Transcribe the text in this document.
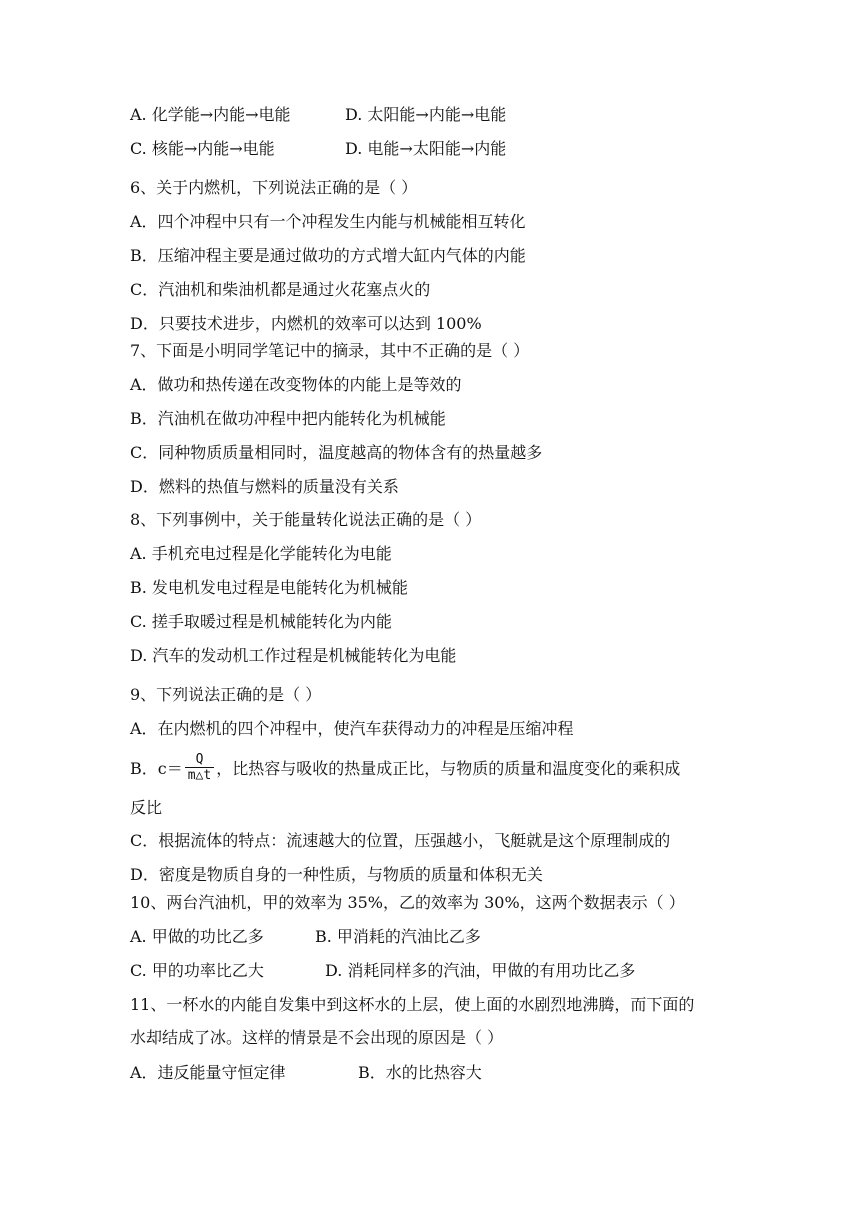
A. 化学能→内能→电能	D. 太阳能→内能→电能
C. 核能→内能→电能	D. 电能→太阳能→内能
6、关于内燃机，下列说法正确的是（ ）
A．四个冲程中只有一个冲程发生内能与机械能相互转化
B．压缩冲程主要是通过做功的方式增大缸内气体的内能
C．汽油机和柴油机都是通过火花塞点火的
D．只要技术进步，内燃机的效率可以达到 100%
7、下面是小明同学笔记中的摘录，其中不正确的是（ ）
A．做功和热传递在改变物体的内能上是等效的
B．汽油机在做功冲程中把内能转化为机械能
C．同种物质质量相同时，温度越高的物体含有的热量越多
D．燃料的热值与燃料的质量没有关系
8、下列事例中，关于能量转化说法正确的是（ ）
A. 手机充电过程是化学能转化为电能
B. 发电机发电过程是电能转化为机械能
C. 搓手取暖过程是机械能转化为内能
D. 汽车的发动机工作过程是机械能转化为电能
9、下列说法正确的是（ ）
A．在内燃机的四个冲程中，使汽车获得动力的冲程是压缩冲程
B．$c= \frac{Q}{m\triangle t}$ ，比热容与吸收的热量成正比，与物质的质量和温度变化的乘积成
反比
C．根据流体的特点：流速越大的位置，压强越小，飞艇就是这个原理制成的
D．密度是物质自身的一种性质，与物质的质量和体积无关
10、两台汽油机，甲的效率为 35%，乙的效率为 30%，这两个数据表示（ ）
A. 甲做的功比乙多	B. 甲消耗的汽油比乙多
C. 甲的功率比乙大	D. 消耗同样多的汽油，甲做的有用功比乙多
11、一杯水的内能自发集中到这杯水的上层，使上面的水剧烈地沸腾，而下面的
水却结成了冰。这样的情景是不会出现的原因是（ ）
A．违反能量守恒定律	B．水的比热容大
